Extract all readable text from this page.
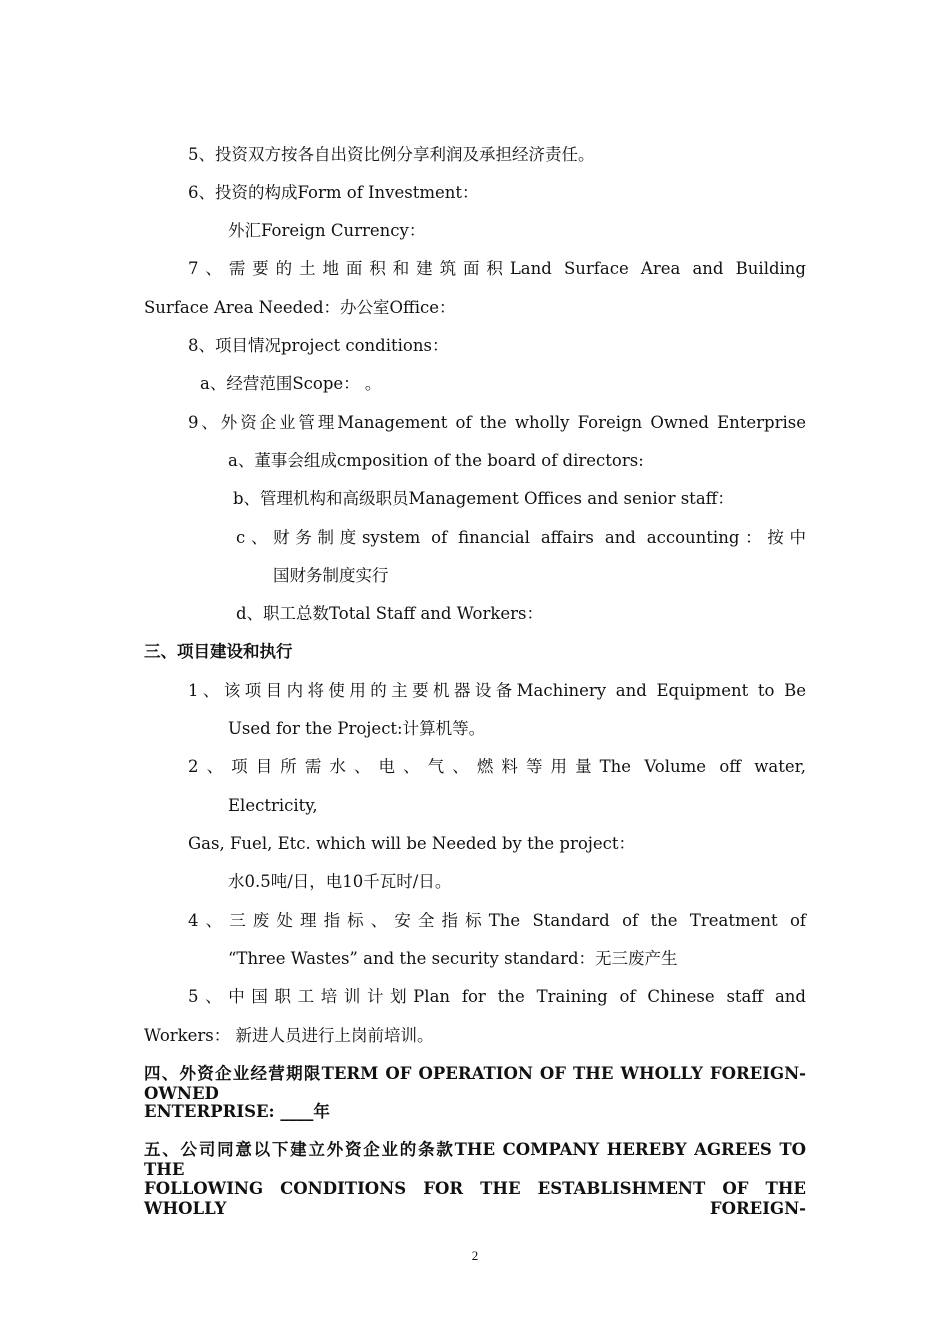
5、投资双方按各自出资比例分享利润及承担经济责任。
6、投资的构成Form of Investment：
外汇Foreign Currency：
7、需要的土地面积和建筑面积Land Surface Area and Building
Surface Area Needed：办公室Office：
8、项目情况project conditions：
a、经营范围Scope： 。
9、外资企业管理Management of the wholly Foreign Owned Enterprise
a、董事会组成cmposition of the board of directors:
b、管理机构和高级职员Management Offices and senior staff：
c、财务制度system of financial affairs and accounting：按中
国财务制度实行
d、职工总数Total Staff and Workers：
三、项目建设和执行
1、该项目内将使用的主要机器设备Machinery and Equipment to Be
Used for the Project:计算机等。
2、项目所需水、电、气、燃料等用量The Volume off water,
Electricity,
Gas, Fuel, Etc. which will be Needed by the project：
水0.5吨/日，电10千瓦时/日。
4、三废处理指标、安全指标The Standard of the Treatment of
“Three Wastes” and the security standard：无三废产生
5、中国职工培训计划Plan for the Training of Chinese staff and
Workers： 新进人员进行上岗前培训。
四、外资企业经营期限TERM OF OPERATION OF THE WHOLLY FOREIGN-OWNED
ENTERPRISE: ____年
五、公司同意以下建立外资企业的条款THE COMPANY HEREBY AGREES TO THE
FOLLOWING CONDITIONS FOR THE ESTABLISHMENT OF THE WHOLLY FOREIGN-
2
